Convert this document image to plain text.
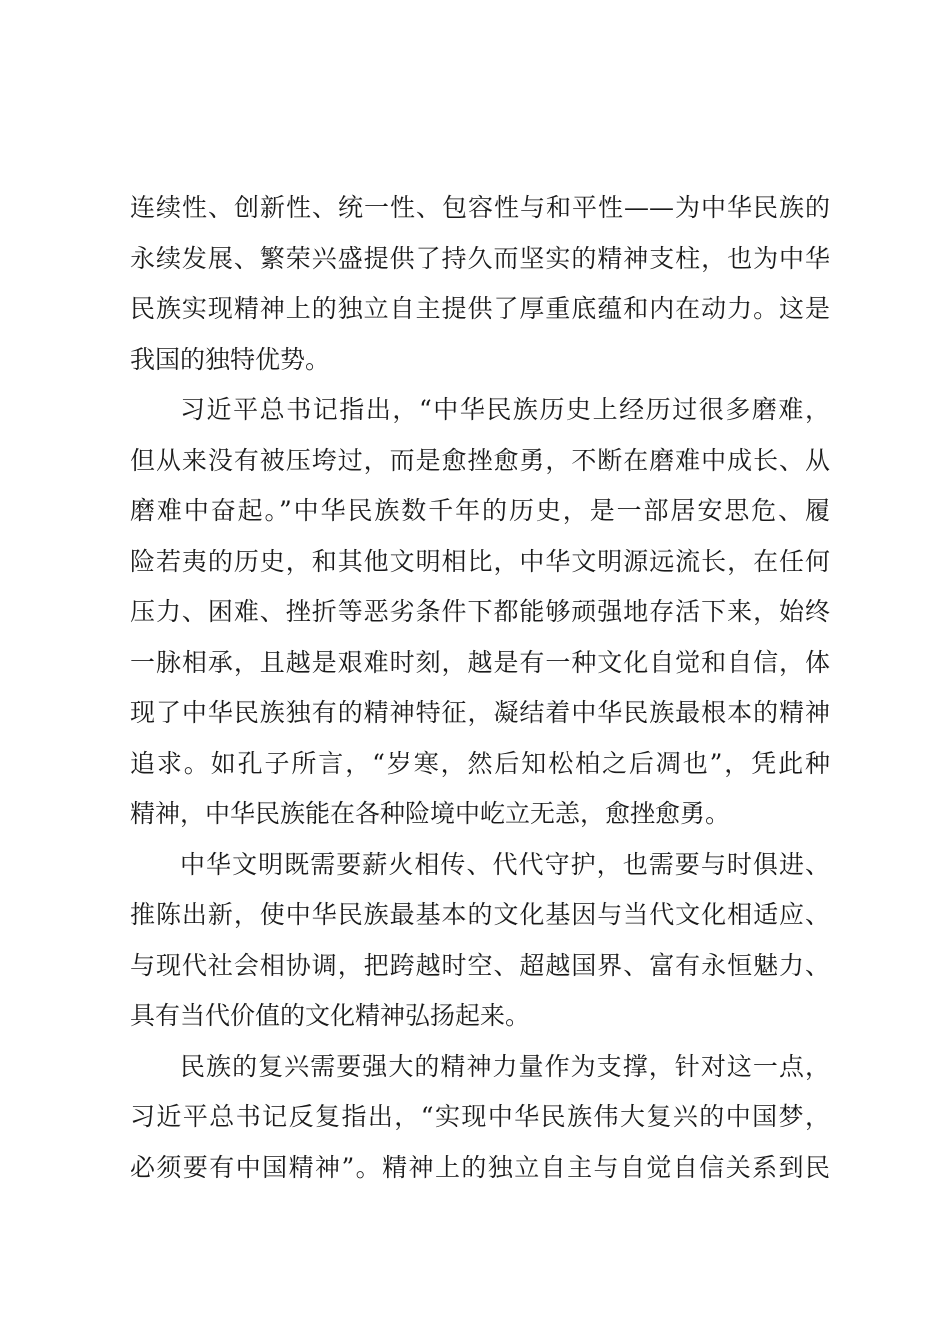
连续性、创新性、统一性、包容性与和平性——为中华民族的
永续发展、繁荣兴盛提供了持久而坚实的精神支柱，也为中华
民族实现精神上的独立自主提供了厚重底蕴和内在动力。这是
我国的独特优势。
习近平总书记指出，“中华民族历史上经历过很多磨难，
但从来没有被压垮过，而是愈挫愈勇，不断在磨难中成长、从
磨难中奋起。”中华民族数千年的历史，是一部居安思危、履
险若夷的历史，和其他文明相比，中华文明源远流长，在任何
压力、困难、挫折等恶劣条件下都能够顽强地存活下来，始终
一脉相承，且越是艰难时刻，越是有一种文化自觉和自信，体
现了中华民族独有的精神特征，凝结着中华民族最根本的精神
追求。如孔子所言，“岁寒，然后知松柏之后凋也”，凭此种
精神，中华民族能在各种险境中屹立无恙，愈挫愈勇。
中华文明既需要薪火相传、代代守护，也需要与时俱进、
推陈出新，使中华民族最基本的文化基因与当代文化相适应、
与现代社会相协调，把跨越时空、超越国界、富有永恒魅力、
具有当代价值的文化精神弘扬起来。
民族的复兴需要强大的精神力量作为支撑，针对这一点，
习近平总书记反复指出，“实现中华民族伟大复兴的中国梦，
必须要有中国精神”。精神上的独立自主与自觉自信关系到民
